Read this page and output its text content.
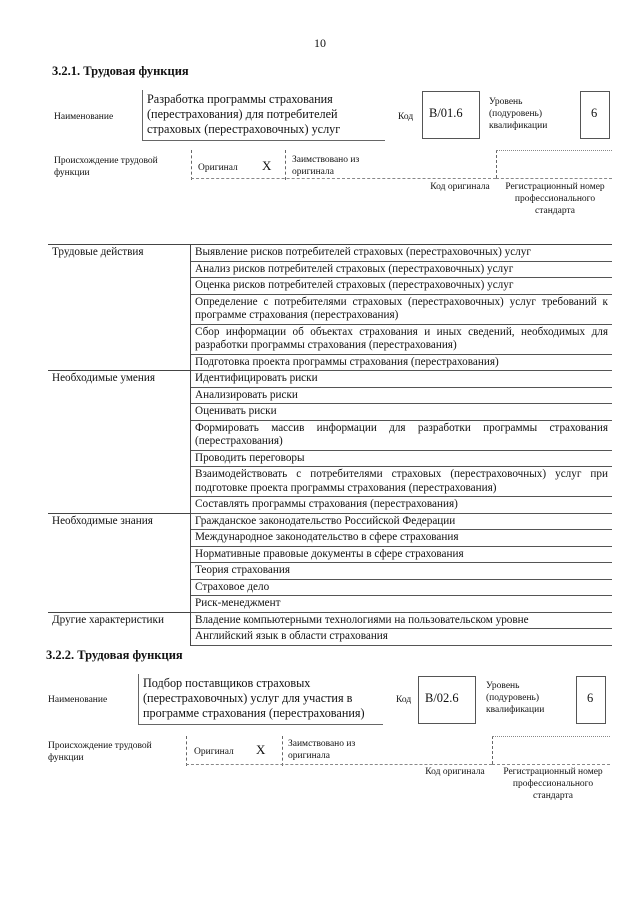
10
3.2.1. Трудовая функция
Наименование
Разработка программы страхования (перестрахования) для потребителей страховых (перестраховочных) услуг
Код	B/01.6
Уровень (подуровень) квалификации
6
Происхождение трудовой функции	Оригинал X Заимствовано из оригинала
Код оригинала	Регистрационный номер профессионального стандарта
Трудовые действия	Выявление рисков потребителей страховых (перестраховочных) услуг
	Анализ рисков потребителей страховых (перестраховочных) услуг
	Оценка рисков потребителей страховых (перестраховочных) услуг
	Определение с потребителями страховых (перестраховочных) услуг требований к программе страхования (перестрахования)
	Сбор информации об объектах страхования и иных сведений, необходимых для разработки программы страхования (перестрахования)
	Подготовка проекта программы страхования (перестрахования)
Необходимые умения	Идентифицировать риски
	Анализировать риски
	Оценивать риски
	Формировать массив информации для разработки программы страхования (перестрахования)
	Проводить переговоры
	Взаимодействовать с потребителями страховых (перестраховочных) услуг при подготовке проекта программы страхования (перестрахования)
	Составлять программы страхования (перестрахования)
Необходимые знания	Гражданское законодательство Российской Федерации
	Международное законодательство в сфере страхования
	Нормативные правовые документы в сфере страхования
	Теория страхования
	Страховое дело
	Риск-менеджмент
Другие характеристики	Владение компьютерными технологиями на пользовательском уровне
	Английский язык в области страхования
3.2.2. Трудовая функция
Наименование
Подбор поставщиков страховых (перестраховочных) услуг для участия в программе страхования (перестрахования)
Код	B/02.6
Уровень (подуровень) квалификации
6
Происхождение трудовой функции
Оригинал X Заимствовано из оригинала
Код оригинала	Регистрационный номер профессионального стандарта
